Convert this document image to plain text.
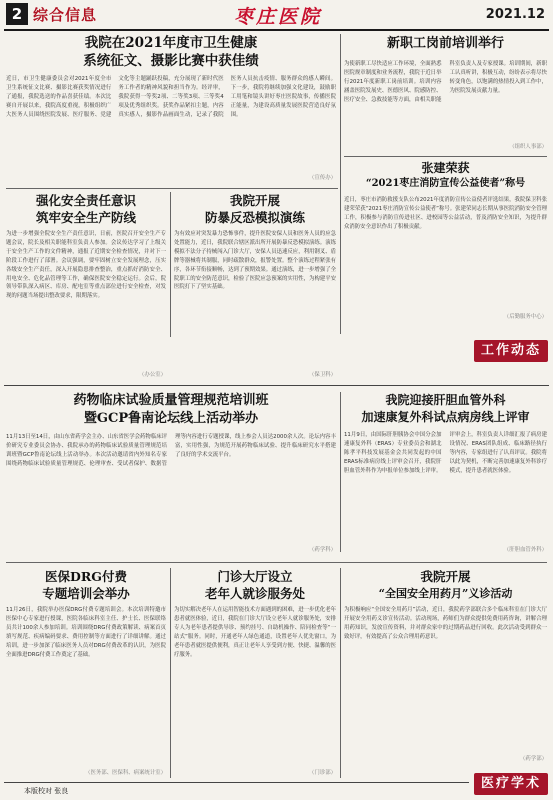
2 综合信息	枣庄医院	2021.12
我院在2021年度市卫生健康
系统征文、摄影比赛中获佳绩
近日，市卫生健康委员会对2021年度全市卫生系统征文比赛、摄影比赛获奖情况进行了通报，我院选送的作品喜获佳绩。本次比赛自开展以来，我院高度重视，积极组织广大医务人员围绕医院发展、医疗服务、党建文化等主题踊跃投稿，充分展现了新时代医务工作者的精神风貌和担当作为。经评审，我院获得一等奖2项、二等奖3项、三等奖4项及优秀组织奖。获奖作品紧扣主题，内容真实感人，摄影作品画面生动，记录了我院医务人员抗击疫情、服务群众的感人瞬间。下一步，我院将继续加强文化建设，鼓励职工用笔和镜头讲好枣庄医院故事，传播医院正能量，为建设高质量发展医院营造良好氛围。
（宣传办）
新职工岗前培训举行
为使新职工尽快适应工作环境，全面熟悉医院规章制度和业务流程，我院于近日举行2021年度新职工岗前培训。培训内容涵盖医院发展史、医德医风、院感防控、医疗安全、急救技能等方面，由相关职能科室负责人及专家授课。培训期间，新职工认真听讲，积极互动，纷纷表示将尽快转变角色，以饱满的热情投入到工作中，为医院发展贡献力量。
（组织人事部）
强化安全责任意识
筑牢安全生产防线
为进一步增强全院安全生产责任意识，日前，医院召开安全生产专题会议，院长及相关职能科室负责人参加。会议传达学习了上级关于安全生产工作的文件精神，通报了近期安全检查情况，并对下一阶段工作进行了部署。会议强调，要牢固树立安全发展理念，压实各级安全生产责任，深入开展隐患排查整治，重点抓好消防安全、用电安全、危化品管理等工作，确保医院安全稳定运行。会后，院领导带队深入病区、库房、配电室等重点部位进行安全检查，对发现的问题当场提出整改要求，限期落实。
（办公室）
我院开展
防暴反恐模拟演练
为有效应对突发暴力恐怖事件，提升医院安保人员和医务人员的应急处置能力，近日，我院联合辖区派出所开展防暴反恐模拟演练。演练模拟不法分子持械闯入门诊大厅，安保人员迅速反应，利用钢叉、盾牌等器械将其制服，同时疏散群众，报警处置。整个演练过程紧张有序，各环节衔接顺畅，达到了预期效果。通过演练，进一步增强了全院职工的安全防范意识，检验了医院应急预案的实用性，为构建平安医院打下了坚实基础。
（保卫科）
张建荣获
“2021枣庄消防宣传公益使者”称号
近日，枣庄市消防救援支队公布2021年度消防宣传公益使者评选结果，我院保卫科张建荣荣获“2021枣庄消防宣传公益使者”称号。张建荣同志长期从事医院消防安全管理工作，积极参与消防宣传进社区、进校园等公益活动，普及消防安全知识，为提升群众消防安全意识作出了积极贡献。
（后勤服务中心）
工作动态
药物临床试验质量管理规范培训班
暨GCP鲁南论坛线上活动举办
11月13日至14日，由山东省药学会主办、山东省医学会药物临床评价研究专业委员会协办、我院承办的药物临床试验质量管理规范培训班暨GCP鲁南论坛线上活动举办。本次活动邀请省内外知名专家围绕药物临床试验质量管理规范、伦理审查、受试者保护、数据管理等内容进行专题授课，线上参会人员达2000余人次。论坛内容丰富，实用性强，为规范开展药物临床试验、提升临床研究水平搭建了良好的学术交流平台。
（药学科）
我院迎接肝胆血管外科
加速康复外科试点病房线上评审
11月9日，由国际肝胆胰协会中国分会加速康复外科（ERAS）专业委员会和湖北陈孝平科技发展基金会共同发起的中国ERAS标准病房线上评审会召开，我院肝胆血管外科作为申报单位参加线上评审。评审会上，科室负责人详细汇报了病房建设情况、ERAS团队组成、临床路径执行等内容，专家组进行了认真评议。我院将以此为契机，不断完善加速康复外科诊疗模式，提升患者就医体验。
（肝胆血管外科）
医保DRG付费
专题培训会举办
11月26日，我院举办医保DRG付费专题培训会。本次培训特邀市医保中心专家进行授课，医院各临床科室主任、护士长、医保联络员共计100余人参加培训。培训围绕DRG付费政策解读、病案首页填写规范、疾病编码要求、费用控制等方面进行了详细讲解。通过培训，进一步加深了临床医务人员对DRG付费改革的认识，为医院全面推进DRG付费工作奠定了基础。
（医务部、医保科、病案统计室）
门诊大厅设立
老年人就诊服务处
为切实解决老年人在运用智能技术方面遇到的困难，进一步优化老年患者就医体验，近日，我院在门诊大厅设立老年人就诊服务处，安排专人为老年患者提供导诊、预约挂号、自助机操作、陪同检查等“一站式”服务。同时，开通老年人绿色通道，设置老年人优先窗口，为老年患者就医提供便利，真正让老年人享受到方便、快捷、温馨的医疗服务。
（门诊部）
我院开展
“全国安全用药月”义诊活动
为积极响应“全国安全用药月”活动，近日，我院药学部联合多个临床科室在门诊大厅开展安全用药义诊宣传活动。活动现场，药师们为群众提供免费用药咨询，讲解合理用药知识，发放宣传资料，并对群众家中的过期药品进行回收。此次活动受到群众一致好评，有效提高了公众合理用药意识。
（药学部）
医疗学术
本版校对 张良
